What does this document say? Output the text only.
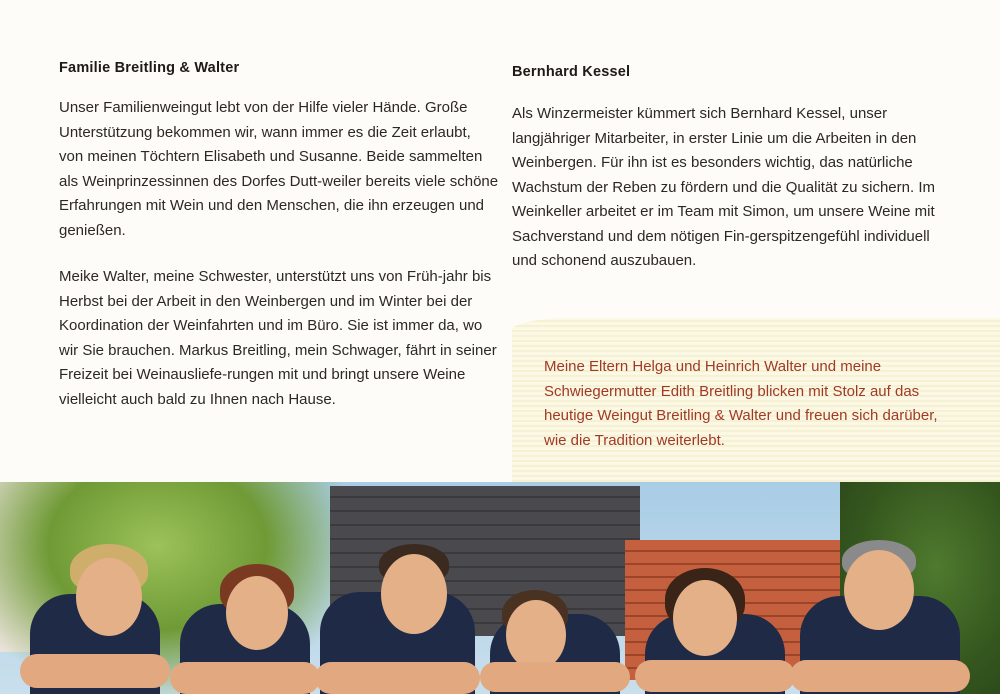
Familie Breitling & Walter

Unser Familienweingut lebt von der Hilfe vieler Hände. Große Unterstützung bekommen wir, wann immer es die Zeit erlaubt, von meinen Töchtern Elisabeth und Susanne. Beide sammelten als Weinprinzessinnen des Dorfes Dutt-weiler bereits viele schöne Erfahrungen mit Wein und den Menschen, die ihn erzeugen und genießen.

Meike Walter, meine Schwester, unterstützt uns von Früh-jahr bis Herbst bei der Arbeit in den Weinbergen und im Winter bei der Koordination der Weinfahrten und im Büro. Sie ist immer da, wo wir Sie brauchen. Markus Breitling, mein Schwager, fährt in seiner Freizeit bei Weinausliefe-rungen mit und bringt unsere Weine vielleicht auch bald zu Ihnen nach Hause.

Bernhard Kessel

Als Winzermeister kümmert sich Bernhard Kessel, unser langjähriger Mitarbeiter, in erster Linie um die Arbeiten in den Weinbergen. Für ihn ist es besonders wichtig, das natürliche Wachstum der Reben zu fördern und die Qualität zu sichern. Im Weinkeller arbeitet er im Team mit Simon, um unsere Weine mit Sachverstand und dem nötigen Fin-gerspitzengefühl individuell und schonend auszubauen.

Meine Eltern Helga und Heinrich Walter und meine Schwiegermutter Edith Breitling blicken mit Stolz auf das heutige Weingut Breitling & Walter und freuen sich darüber, wie die Tradition weiterlebt.
